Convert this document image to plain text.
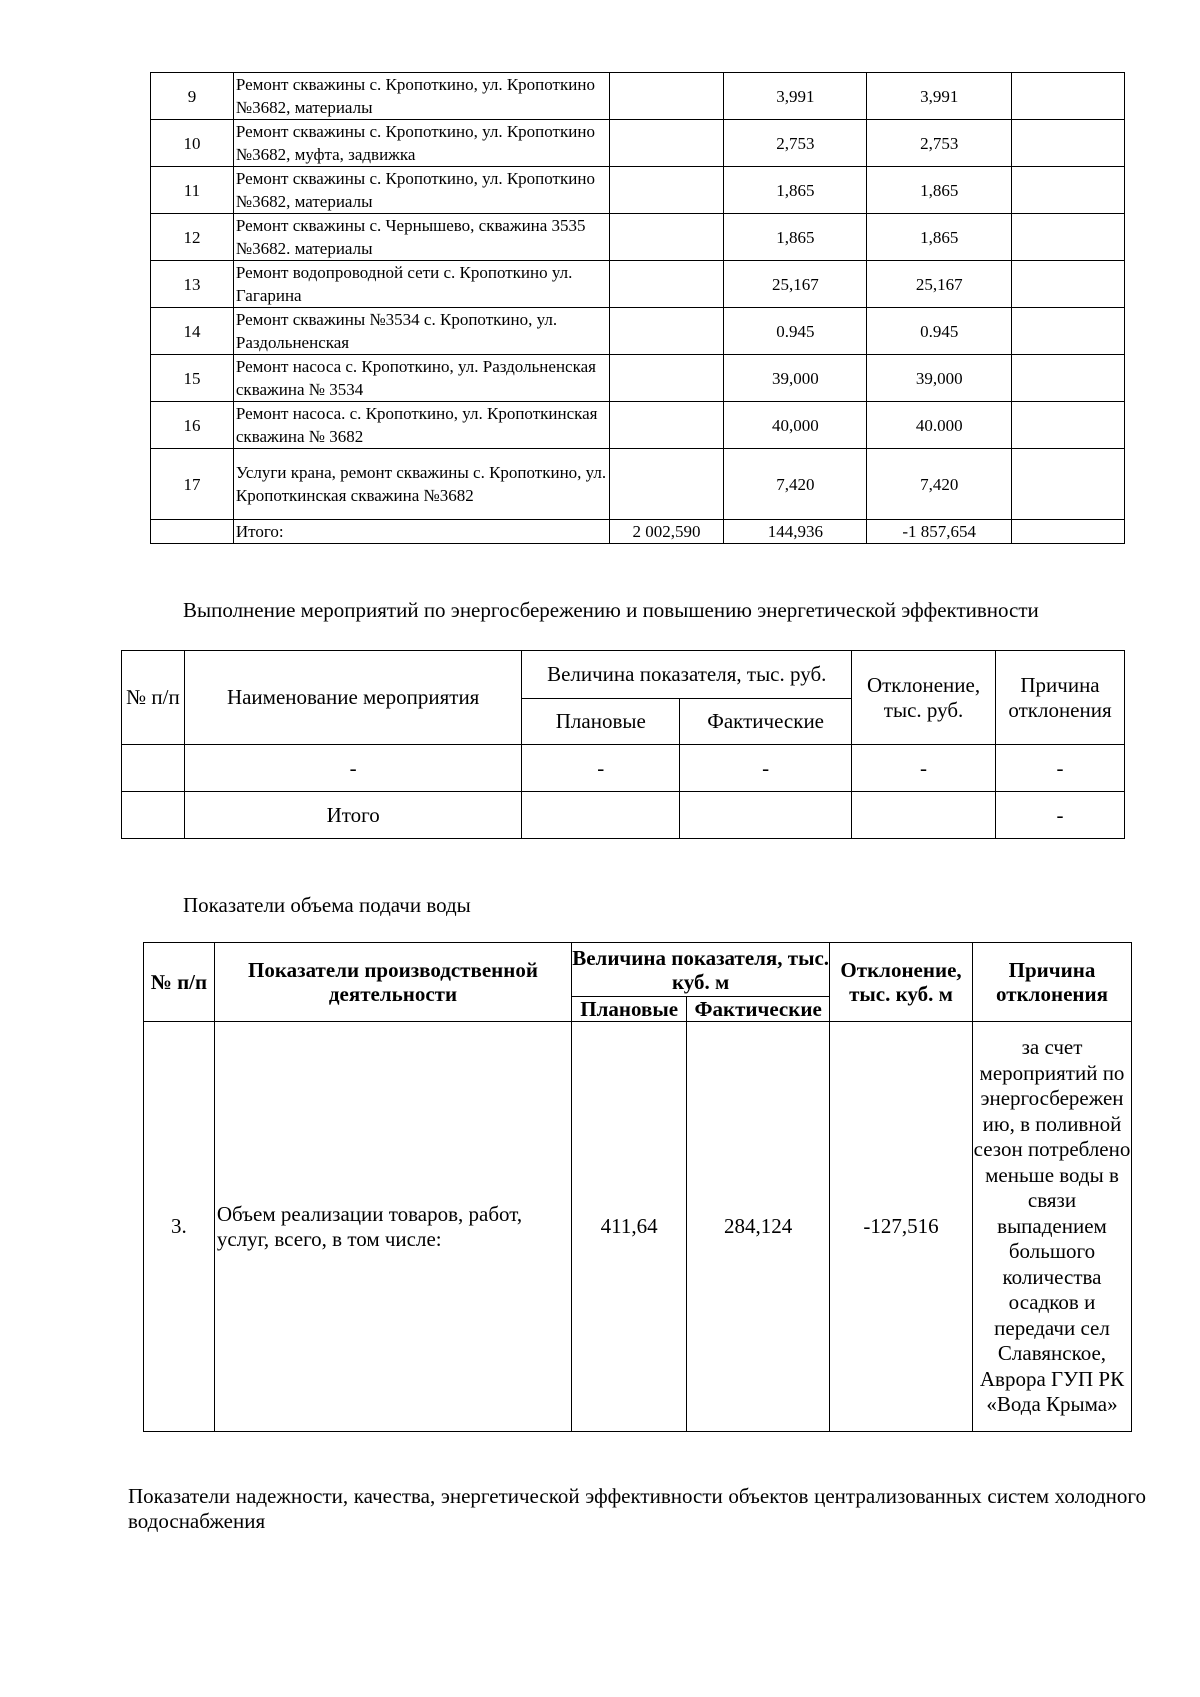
9	Ремонт скважины с. Кропоткино, ул. Кропоткино №3682, материалы		3,991	3,991	
10	Ремонт скважины с. Кропоткино, ул. Кропоткино №3682, муфта, задвижка		2,753	2,753	
11	Ремонт скважины с. Кропоткино, ул. Кропоткино №3682, материалы		1,865	1,865	
12	Ремонт скважины с. Чернышево, скважина 3535 №3682. материалы		1,865	1,865	
13	Ремонт водопроводной сети с. Кропоткино ул. Гагарина		25,167	25,167	
14	Ремонт скважины №3534 с. Кропоткино, ул. Раздольненская		0.945	0.945	
15	Ремонт насоса с. Кропоткино, ул. Раздольненская скважина № 3534		39,000	39,000	
16	Ремонт насоса. с. Кропоткино, ул. Кропоткинская скважина № 3682		40,000	40.000	
17	Услуги крана, ремонт скважины с. Кропоткино, ул. Кропоткинская скважина №3682		7,420	7,420	
	Итого:	2 002,590	144,936	-1 857,654	
Выполнение мероприятий по энергосбережению и повышению энергетической эффективности
№ п/п	Наименование мероприятия	Величина показателя, тыс. руб.		Отклонение, тыс. руб.	Причина отклонения
		Плановые	Фактические		
	-	-	-	-	-
	Итого				-
Показатели объема подачи воды
№ п/п	Показатели производственной деятельности	Величина показателя, тыс. куб. м		Отклонение, тыс. куб. м	Причина отклонения
		Плановые	Фактические		
3.	Объем реализации товаров, работ, услуг, всего, в том числе:	411,64	284,124	-127,516	за счет мероприятий по энергосбережен ию, в поливной сезон потреблено меньше воды в связи выпадением большого количества осадков и передачи сел Славянское, Аврора ГУП РК «Вода Крыма»
Показатели надежности, качества, энергетической эффективности объектов централизованных систем холодного водоснабжения
